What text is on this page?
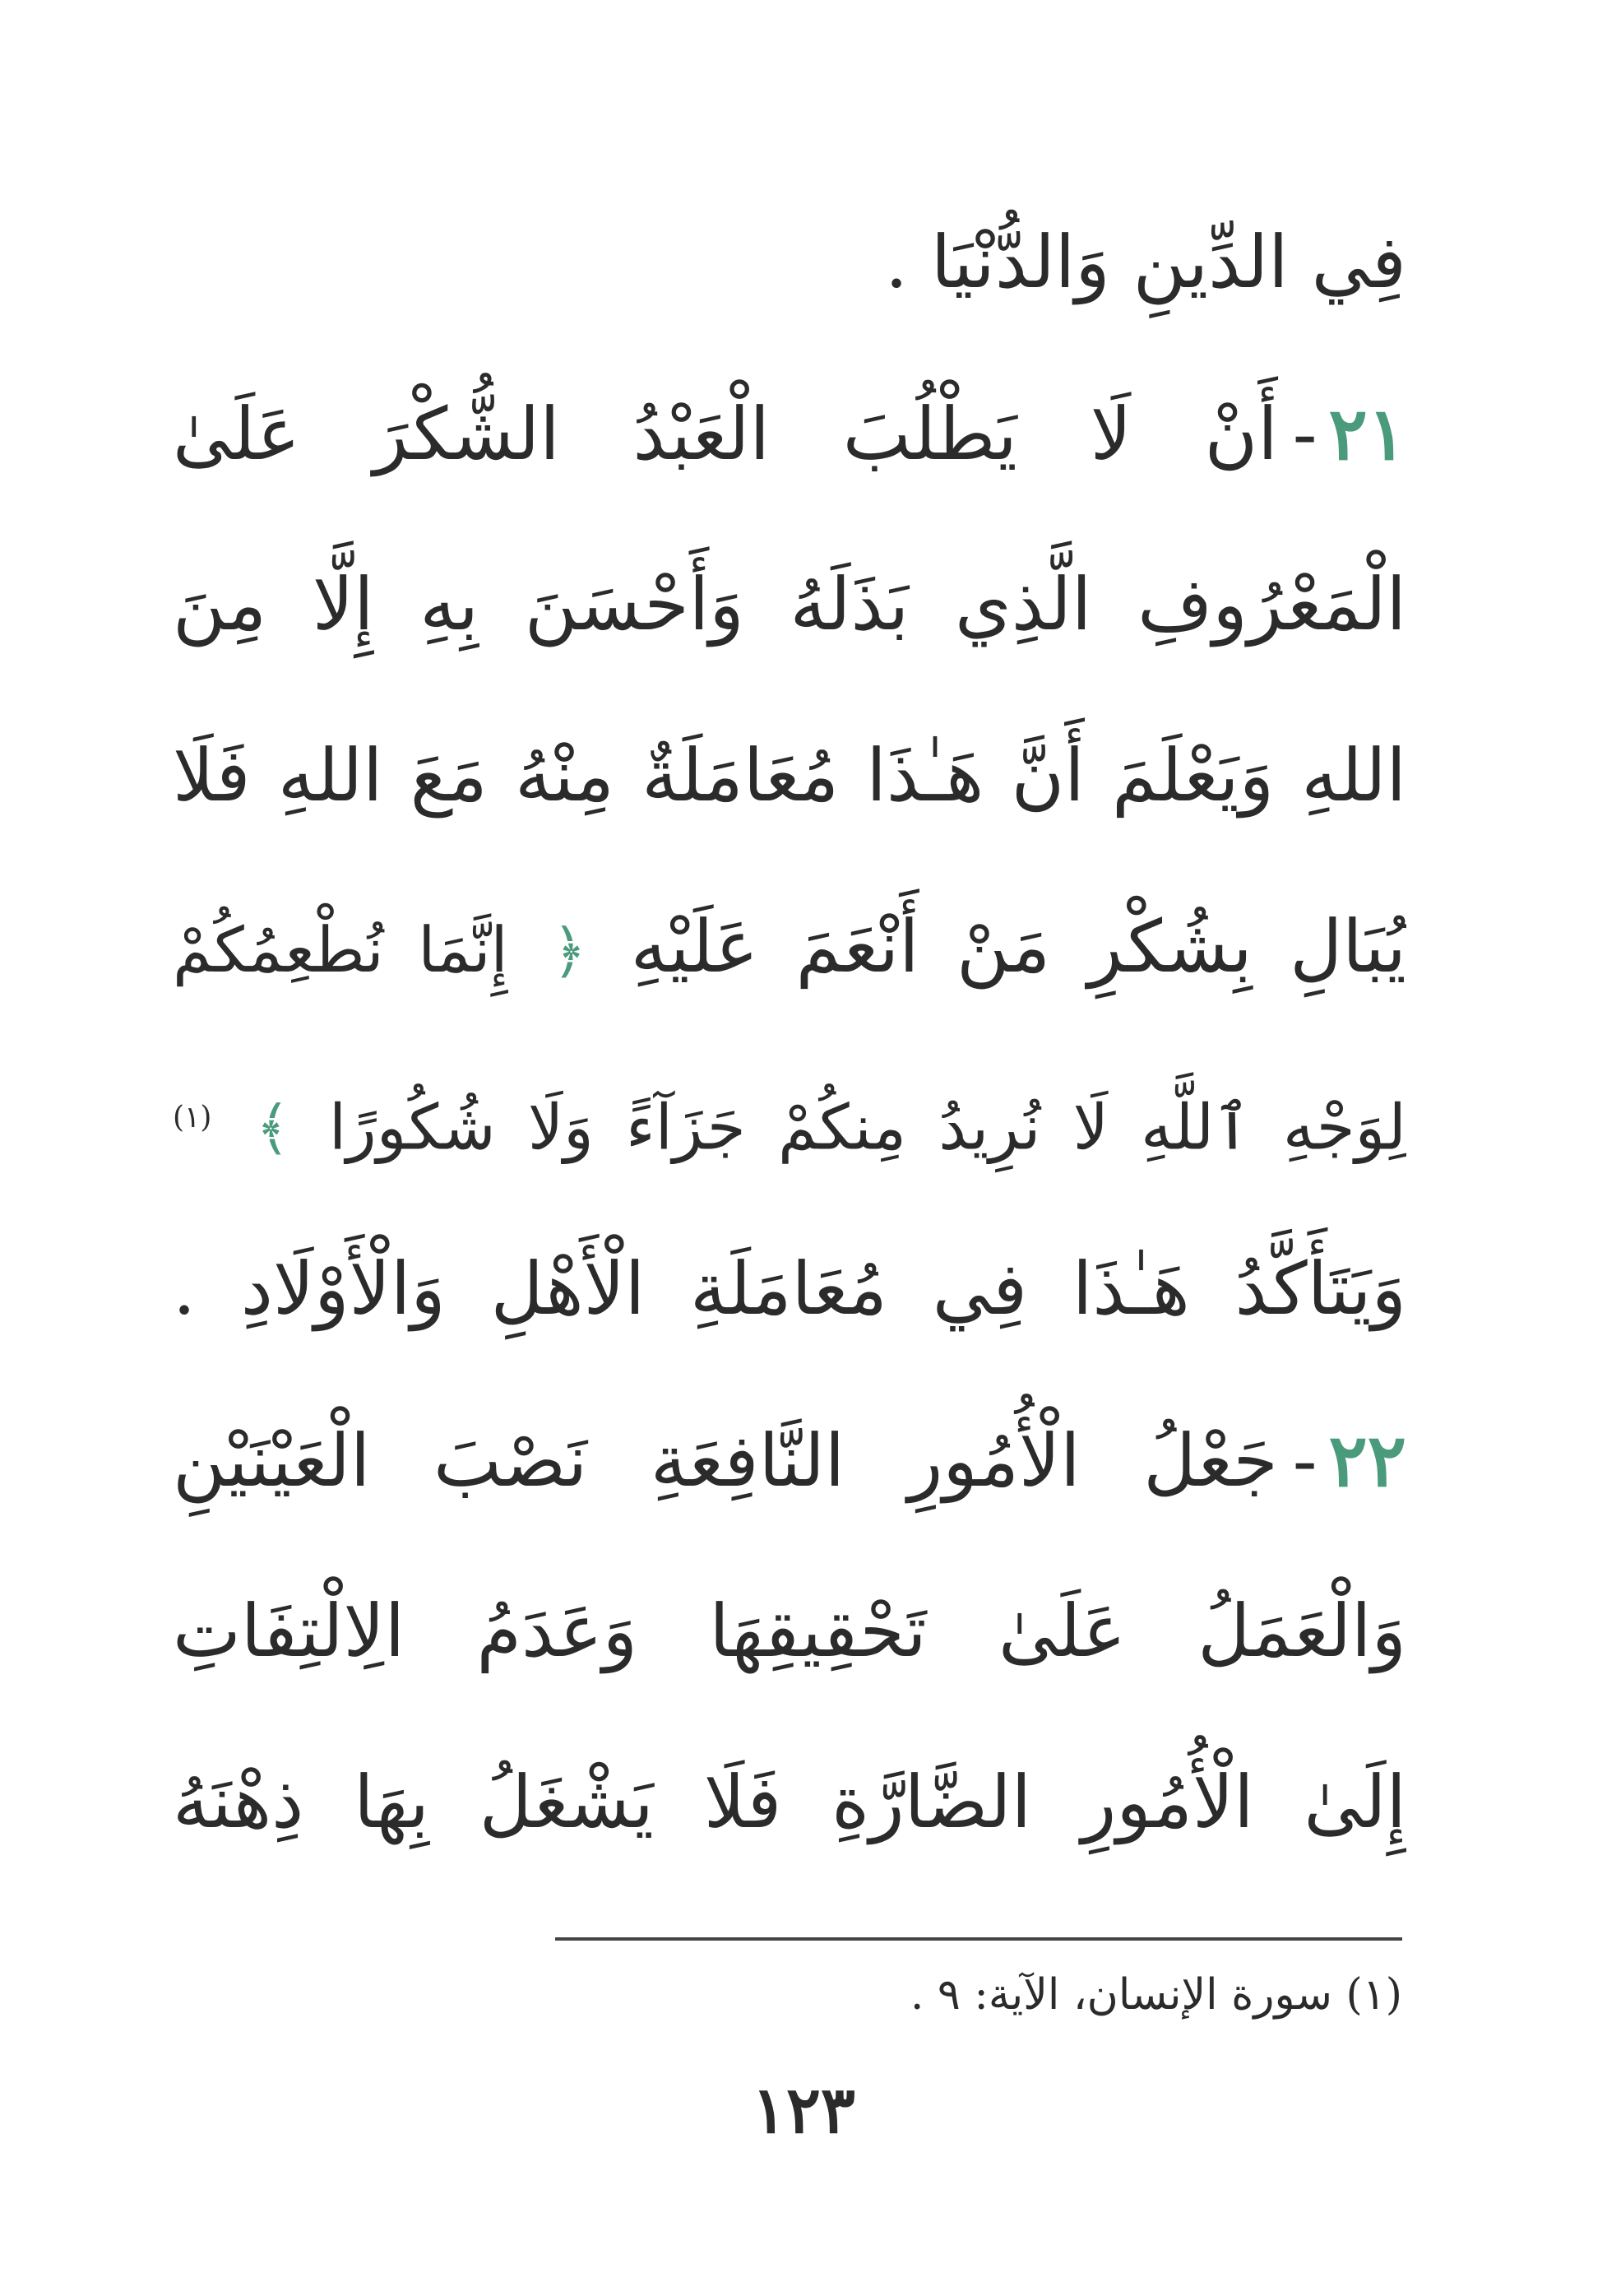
فِي الدِّينِ وَالدُّنْيَا .
٢١-أَنْ لَا يَطْلُبَ الْعَبْدُ الشُّكْرَ عَلَىٰ
الْمَعْرُوفِ الَّذِي بَذَلَهُ وَأَحْسَنَ بِهِ إِلَّا مِنَ
اللهِ وَيَعْلَمَ أَنَّ هَـٰذَا مُعَامَلَةٌ مِنْهُ مَعَ اللهِ فَلَا
يُبَالِ بِشُكْرِ مَنْ أَنْعَمَ عَلَيْهِ ﴿ إِنَّمَا نُطْعِمُكُمْ
لِوَجْهِ ٱللَّهِ لَا نُرِيدُ مِنكُمْ جَزَآءً وَلَا شُكُورًا ﴾ $^{(١)}$
وَيَتَأَكَّدُ هَـٰذَا فِي مُعَامَلَةِ الْأَهْلِ وَالْأَوْلَادِ .
٢٢-جَعْلُ الْأُمُورِ النَّافِعَةِ نَصْبَ الْعَيْنَيْنِ
وَالْعَمَلُ عَلَىٰ تَحْقِيقِهَا وَعَدَمُ الِالْتِفَاتِ
إِلَىٰ الْأُمُورِ الضَّارَّةِ فَلَا يَشْغَلُ بِهَا ذِهْنَهُ
(١) سورة الإنسان، الآية: ٩ .
١٢٣
